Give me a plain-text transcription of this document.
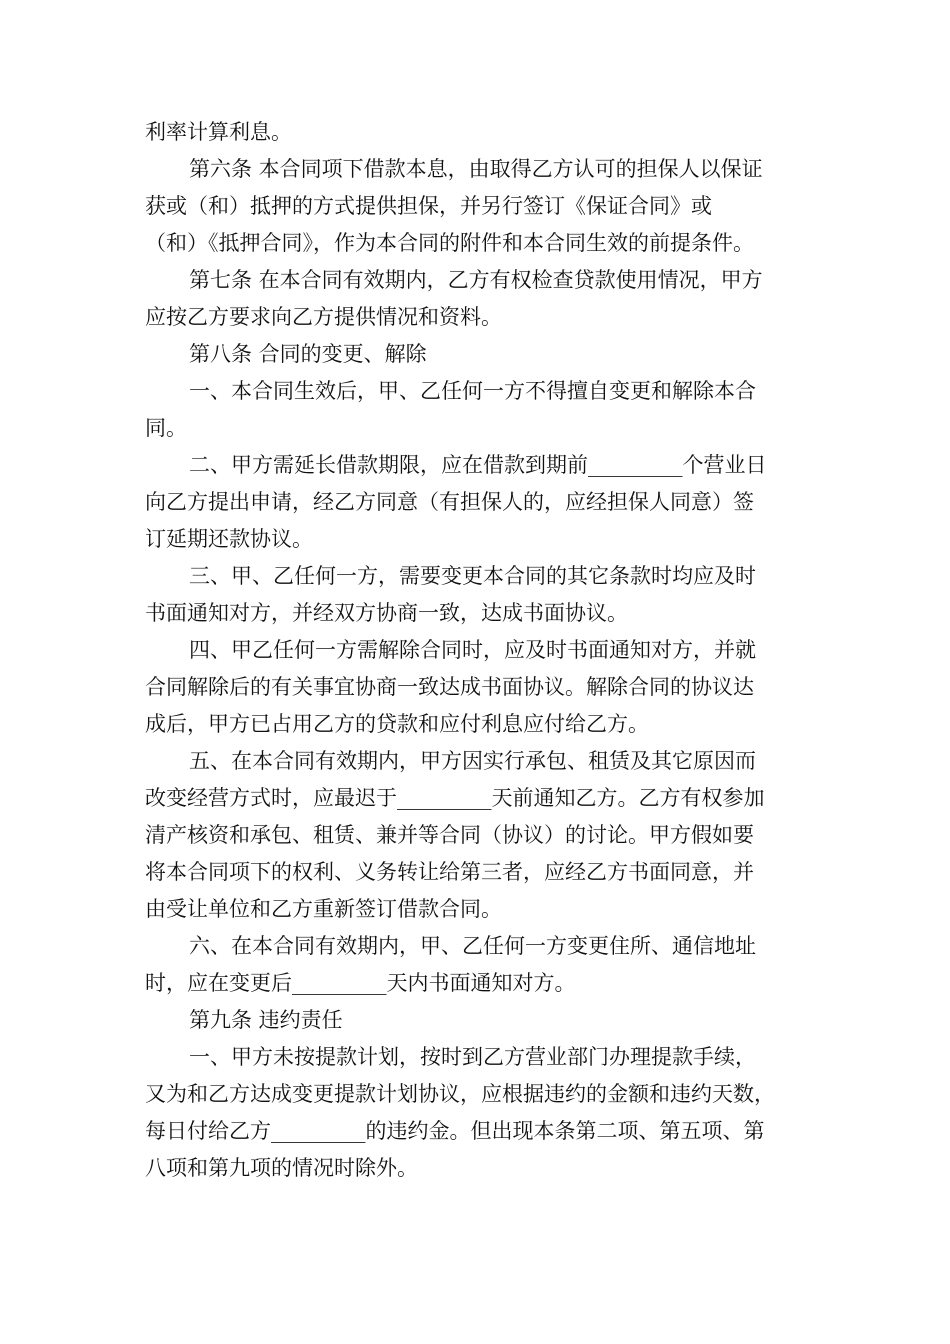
利率计算利息。
第六条 本合同项下借款本息，由取得乙方认可的担保人以保证
获或（和）抵押的方式提供担保，并另行签订《保证合同》或
（和）《抵押合同》，作为本合同的附件和本合同生效的前提条件。
第七条 在本合同有效期内，乙方有权检查贷款使用情况，甲方
应按乙方要求向乙方提供情况和资料。
第八条 合同的变更、解除
一、本合同生效后，甲、乙任何一方不得擅自变更和解除本合
同。
二、甲方需延长借款期限，应在借款到期前_________个营业日
向乙方提出申请，经乙方同意（有担保人的，应经担保人同意）签
订延期还款协议。
三、甲、乙任何一方，需要变更本合同的其它条款时均应及时
书面通知对方，并经双方协商一致，达成书面协议。
四、甲乙任何一方需解除合同时，应及时书面通知对方，并就
合同解除后的有关事宜协商一致达成书面协议。解除合同的协议达
成后，甲方已占用乙方的贷款和应付利息应付给乙方。
五、在本合同有效期内，甲方因实行承包、租赁及其它原因而
改变经营方式时，应最迟于_________天前通知乙方。乙方有权参加
清产核资和承包、租赁、兼并等合同（协议）的讨论。甲方假如要
将本合同项下的权利、义务转让给第三者，应经乙方书面同意，并
由受让单位和乙方重新签订借款合同。
六、在本合同有效期内，甲、乙任何一方变更住所、通信地址
时，应在变更后_________天内书面通知对方。
第九条 违约责任
一、甲方未按提款计划，按时到乙方营业部门办理提款手续，
又为和乙方达成变更提款计划协议，应根据违约的金额和违约天数，
每日付给乙方_________的违约金。但出现本条第二项、第五项、第
八项和第九项的情况时除外。
